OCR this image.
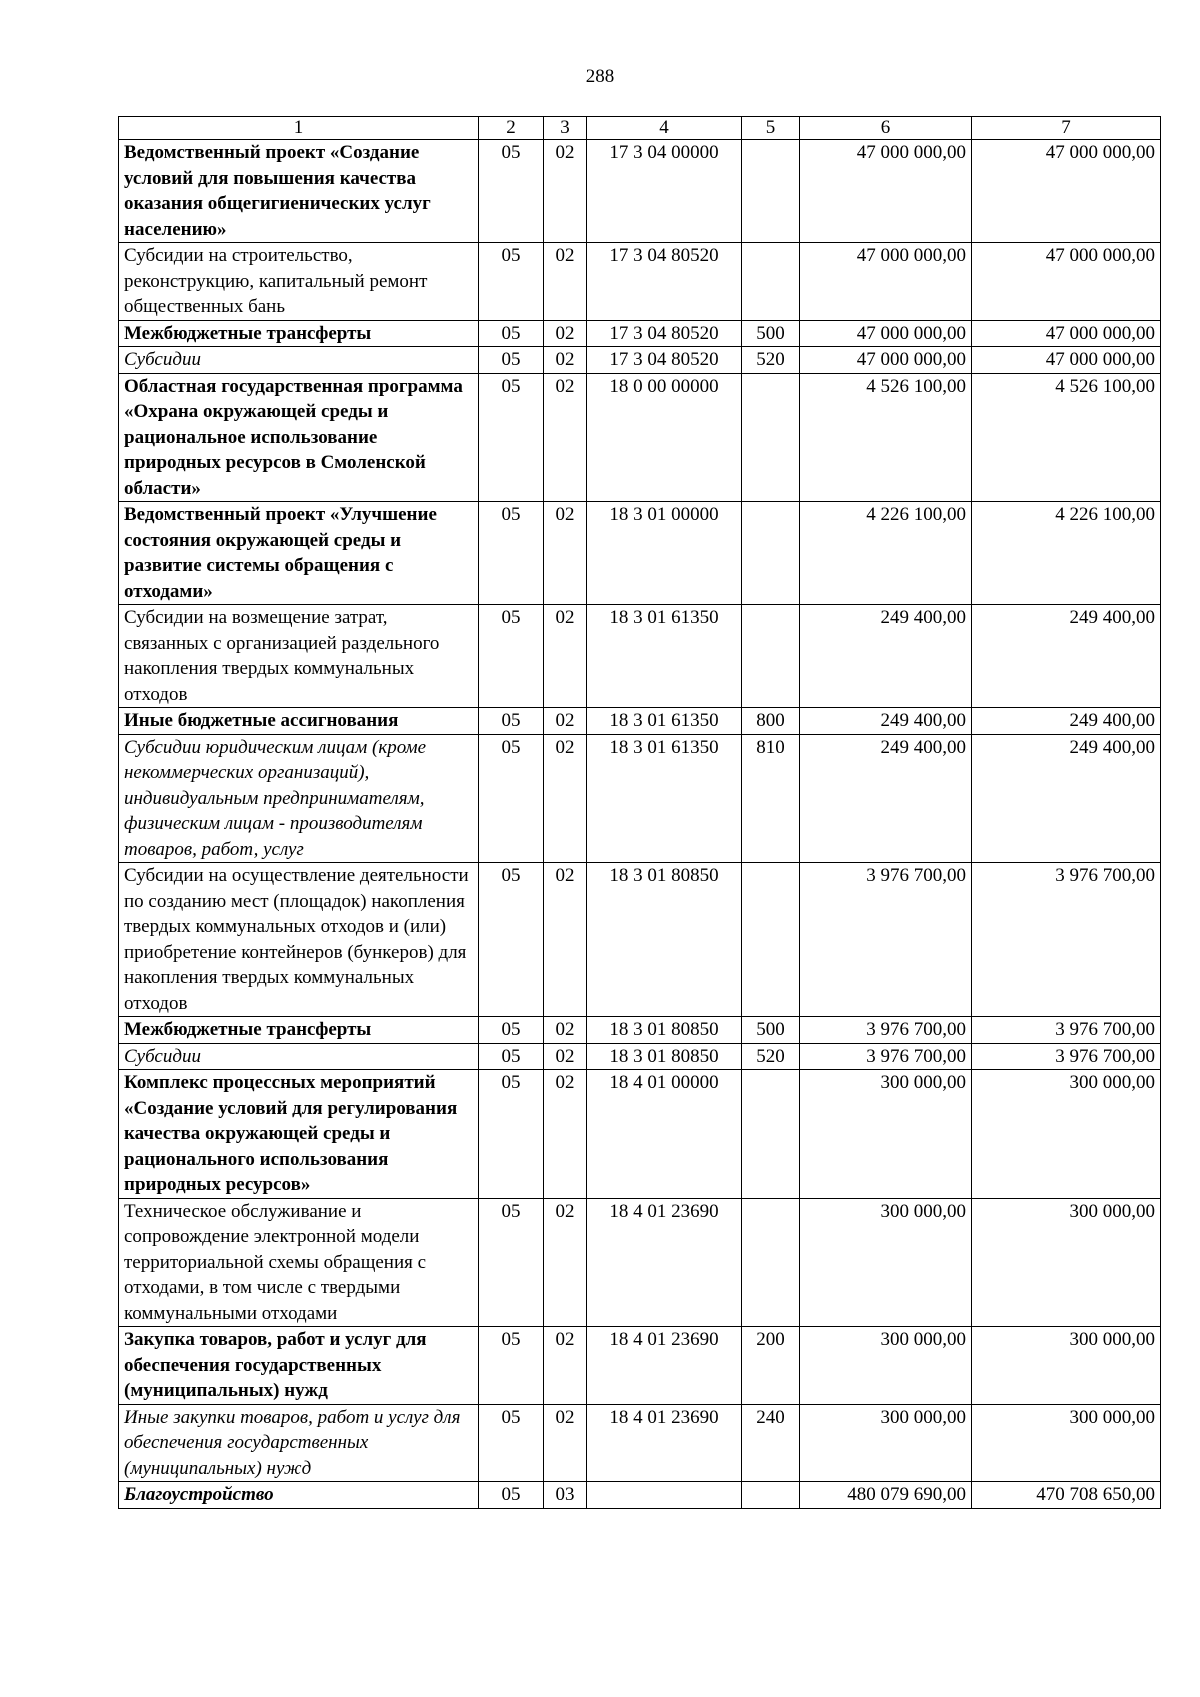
288
1	2	3	4	5	6	7
Ведомственный проект «Создание условий для повышения качества оказания общегигиенических услуг населению»	05	02	17 3 04 00000		47 000 000,00	47 000 000,00
Субсидии на строительство, реконструкцию, капитальный ремонт общественных бань	05	02	17 3 04 80520		47 000 000,00	47 000 000,00
Межбюджетные трансферты	05	02	17 3 04 80520	500	47 000 000,00	47 000 000,00
Субсидии	05	02	17 3 04 80520	520	47 000 000,00	47 000 000,00
Областная государственная программа «Охрана окружающей среды и рациональное использование природных ресурсов в Смоленской области»	05	02	18 0 00 00000		4 526 100,00	4 526 100,00
Ведомственный проект «Улучшение состояния окружающей среды и развитие системы обращения с отходами»	05	02	18 3 01 00000		4 226 100,00	4 226 100,00
Субсидии на возмещение затрат, связанных с организацией раздельного накопления твердых коммунальных отходов	05	02	18 3 01 61350		249 400,00	249 400,00
Иные бюджетные ассигнования	05	02	18 3 01 61350	800	249 400,00	249 400,00
Субсидии юридическим лицам (кроме некоммерческих организаций), индивидуальным предпринимателям, физическим лицам - производителям товаров, работ, услуг	05	02	18 3 01 61350	810	249 400,00	249 400,00
Субсидии на осуществление деятельности по созданию мест (площадок) накопления твердых коммунальных отходов и (или) приобретение контейнеров (бункеров) для накопления твердых коммунальных отходов	05	02	18 3 01 80850		3 976 700,00	3 976 700,00
Межбюджетные трансферты	05	02	18 3 01 80850	500	3 976 700,00	3 976 700,00
Субсидии	05	02	18 3 01 80850	520	3 976 700,00	3 976 700,00
Комплекс процессных мероприятий «Создание условий для регулирования качества окружающей среды и рационального использования природных ресурсов»	05	02	18 4 01 00000		300 000,00	300 000,00
Техническое обслуживание и сопровождение электронной модели территориальной схемы обращения с отходами, в том числе с твердыми коммунальными отходами	05	02	18 4 01 23690		300 000,00	300 000,00
Закупка товаров, работ и услуг для обеспечения государственных (муниципальных) нужд	05	02	18 4 01 23690	200	300 000,00	300 000,00
Иные закупки товаров, работ и услуг для обеспечения государственных (муниципальных) нужд	05	02	18 4 01 23690	240	300 000,00	300 000,00
Благоустройство	05	03			480 079 690,00	470 708 650,00
